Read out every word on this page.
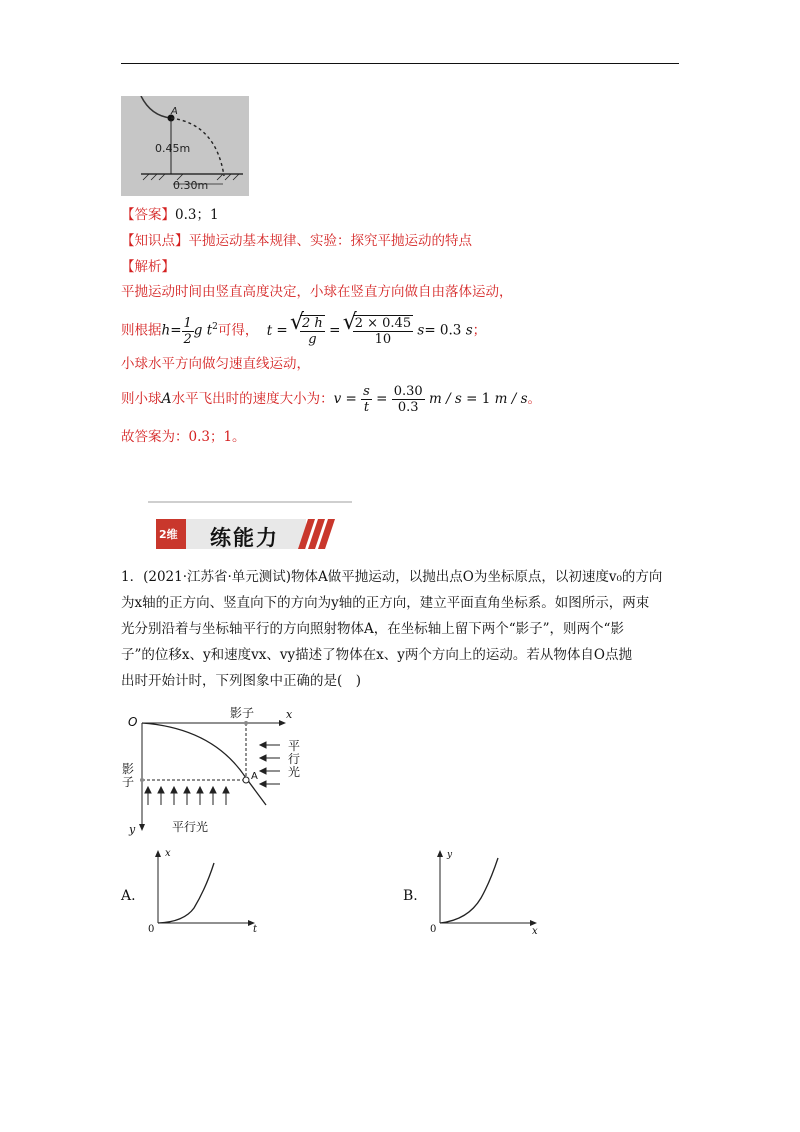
A
0.45m
0.30m
【答案】0.3；1
【知识点】平抛运动基本规律、实验：探究平抛运动的特点
【解析】
平抛运动时间由竖直高度决定，小球在竖直方向做自由落体运动，
则根据$h= \frac{1}{2}$ g $t^2$可得， t = √ $\frac{2 h}{g}$ = √ $\frac{2 \times 0.45}{10} s= 0.3$ s；
小球水平方向做匀速直线运动，
则小球A水平飞出时的速度大小为：$v = \frac{s}{t} = \frac{0.30}{0.3}$ m / s = 1 m / s。
故答案为：0.3；1。
2维 练能力
1．(2021·江苏省·单元测试)物体A做平抛运动，以抛出点O为坐标原点，以初速度v₀的方向
为x轴的正方向、竖直向下的方向为y轴的正方向，建立平面直角坐标系。如图所示，两束
光分别沿着与坐标轴平行的方向照射物体A，在坐标轴上留下两个“影子”，则两个“影
子”的位移x、y和速度vx、vy描述了物体在x、y两个方向上的运动。若从物体自O点抛
出时开始计时，下列图象中正确的是(　)
O
x
y
影子
影
子
平
行
光
平行光
A
A.
x
t
0
B.
y
x
0
